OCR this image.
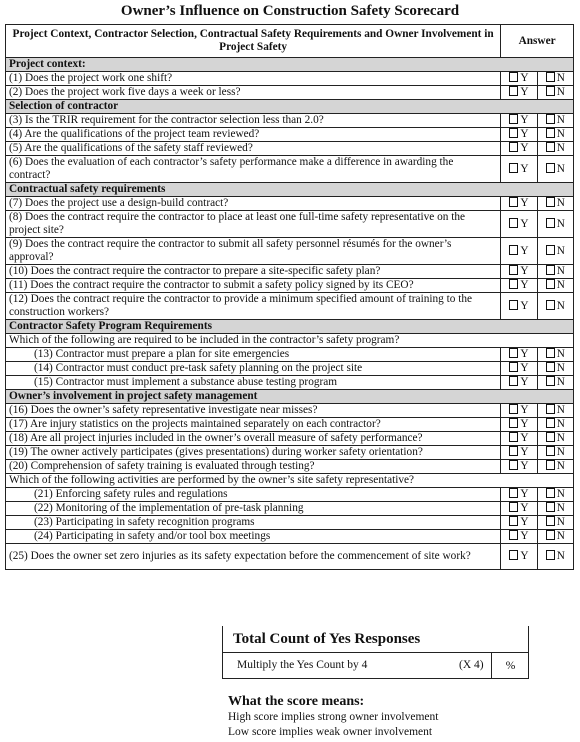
Owner’s Influence on Construction Safety Scorecard
Project Context, Contractor Selection, Contractual Safety Requirements and Owner Involvement in Project Safety	Answer	
Project context:		
(1) Does the project work one shift?	Y	N
(2) Does the project work five days a week or less?	Y	N
Selection of contractor		
(3) Is the TRIR requirement for the contractor selection less than 2.0?	Y	N
(4) Are the qualifications of the project team reviewed?	Y	N
(5) Are the qualifications of the safety staff reviewed?	Y	N
(6) Does the evaluation of each contractor’s safety performance make a difference in awarding the contract?	Y	N
Contractual safety requirements		
(7) Does the project use a design-build contract?	Y	N
(8) Does the contract require the contractor to place at least one full-time safety representative on the project site?	Y	N
(9) Does the contract require the contractor to submit all safety personnel résumés for the owner’s approval?	Y	N
(10) Does the contract require the contractor to prepare a site-specific safety plan?	Y	N
(11) Does the contract require the contractor to submit a safety policy signed by its CEO?	Y	N
(12) Does the contract require the contractor to provide a minimum specified amount of training to the construction workers?	Y	N
Contractor Safety Program Requirements		
Which of the following are required to be included in the contractor’s safety program?		
(13) Contractor must prepare a plan for site emergencies	Y	N
(14) Contractor must conduct pre-task safety planning on the project site	Y	N
(15) Contractor must implement a substance abuse testing program	Y	N
Owner’s involvement in project safety management		
(16) Does the owner’s safety representative investigate near misses?	Y	N
(17) Are injury statistics on the projects maintained separately on each contractor?	Y	N
(18) Are all project injuries included in the owner’s overall measure of safety performance?	Y	N
(19) The owner actively participates (gives presentations) during worker safety orientation?	Y	N
(20) Comprehension of safety training is evaluated through testing?	Y	N
Which of the following activities are performed by the owner’s site safety representative?		
(21) Enforcing safety rules and regulations	Y	N
(22) Monitoring of the implementation of pre-task planning	Y	N
(23) Participating in safety recognition programs	Y	N
(24) Participating in safety and/or tool box meetings	Y	N
(25) Does the owner set zero injuries as its safety expectation before the commencement of site work?	Y	N
Total Count of Yes Responses
Multiply the Yes Count by 4	(X 4)	%
What the score means:
High score implies strong owner involvement
Low score implies weak owner involvement
